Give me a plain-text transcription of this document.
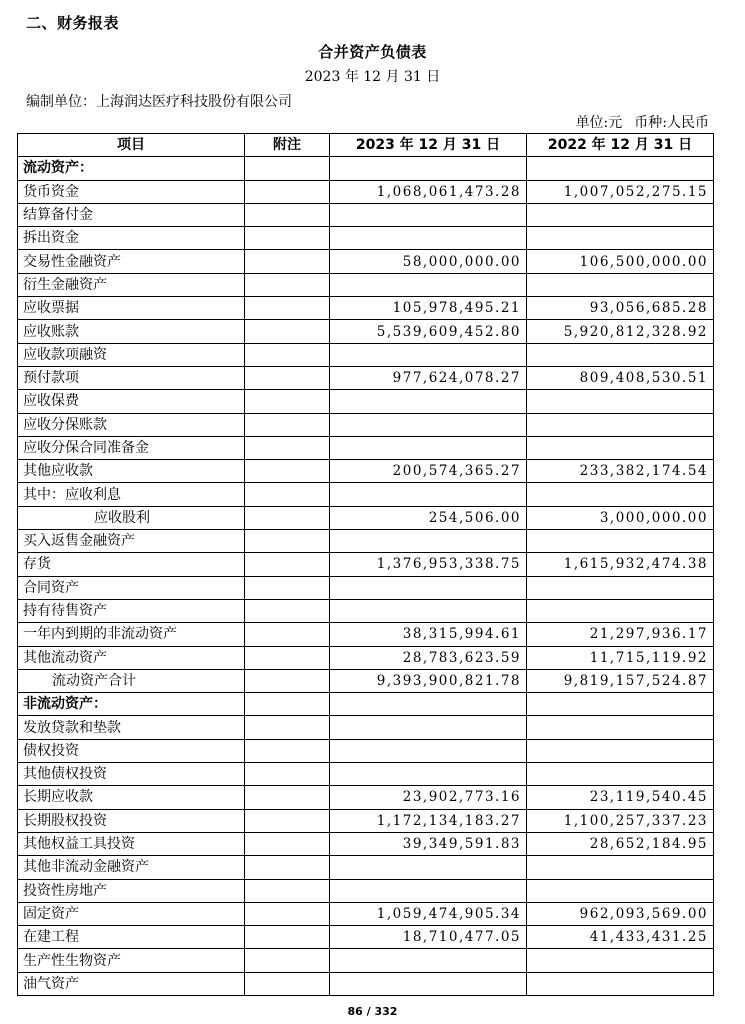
二、财务报表
合并资产负债表
2023 年 12 月 31 日
编制单位：上海润达医疗科技股份有限公司
单位:元 币种:人民币
项目	附注	2023 年 12 月 31 日	2022 年 12 月 31 日
流动资产：			
货币资金		1,068,061,473.28	1,007,052,275.15
结算备付金			
拆出资金			
交易性金融资产		58,000,000.00	106,500,000.00
衍生金融资产			
应收票据		105,978,495.21	93,056,685.28
应收账款		5,539,609,452.80	5,920,812,328.92
应收款项融资			
预付款项		977,624,078.27	809,408,530.51
应收保费			
应收分保账款			
应收分保合同准备金			
其他应收款		200,574,365.27	233,382,174.54
其中：应收利息			
应收股利		254,506.00	3,000,000.00
买入返售金融资产			
存货		1,376,953,338.75	1,615,932,474.38
合同资产			
持有待售资产			
一年内到期的非流动资产		38,315,994.61	21,297,936.17
其他流动资产		28,783,623.59	11,715,119.92
流动资产合计		9,393,900,821.78	9,819,157,524.87
非流动资产：			
发放贷款和垫款			
债权投资			
其他债权投资			
长期应收款		23,902,773.16	23,119,540.45
长期股权投资		1,172,134,183.27	1,100,257,337.23
其他权益工具投资		39,349,591.83	28,652,184.95
其他非流动金融资产			
投资性房地产			
固定资产		1,059,474,905.34	962,093,569.00
在建工程		18,710,477.05	41,433,431.25
生产性生物资产			
油气资产			
86 / 332
